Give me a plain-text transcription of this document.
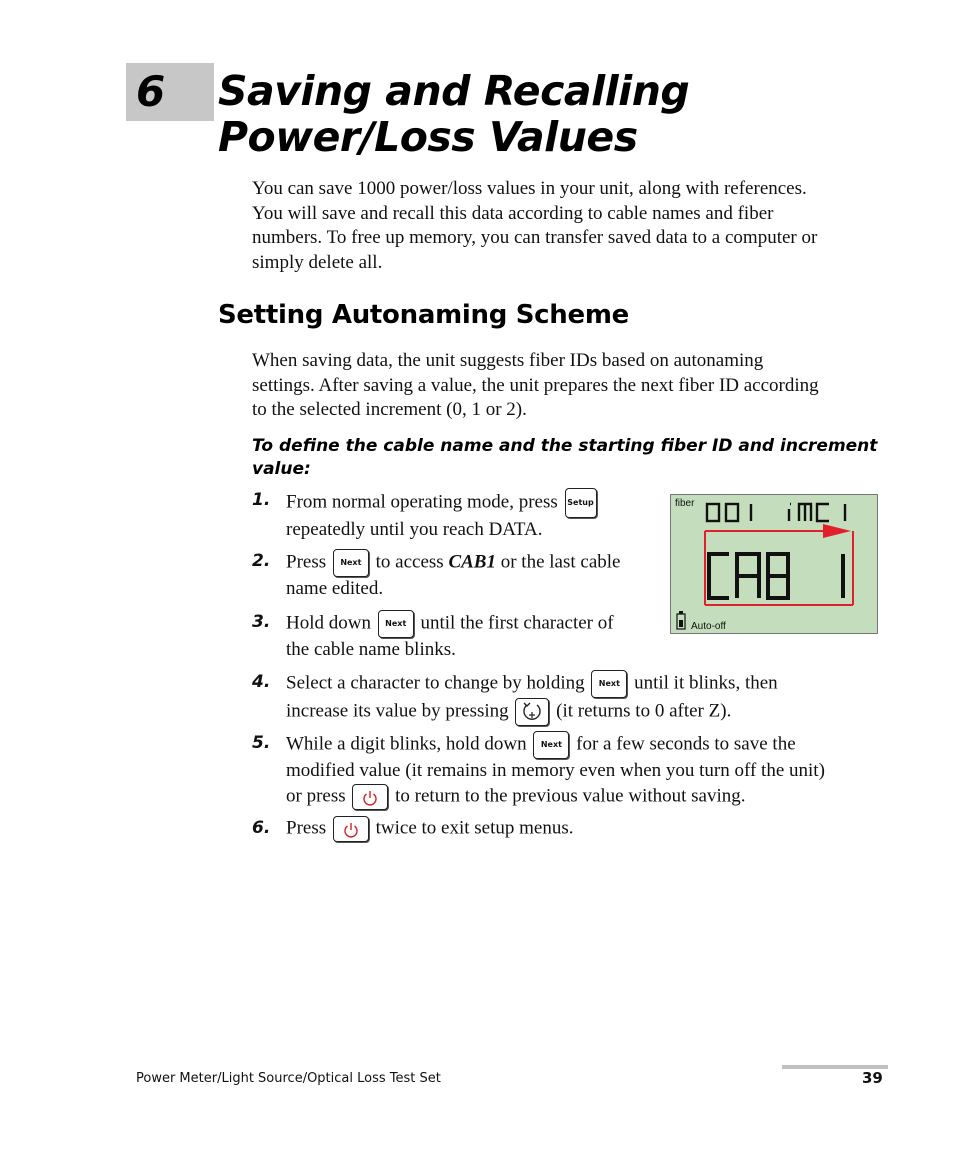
6 Saving and Recalling
Power/Loss Values

You can save 1000 power/loss values in your unit, along with references.
You will save and recall this data according to cable names and fiber
numbers. To free up memory, you can transfer saved data to a computer or
simply delete all.

Setting Autonaming Scheme

When saving data, the unit suggests fiber IDs based on autonaming
settings. After saving a value, the unit prepares the next fiber ID according
to the selected increment (0, 1 or 2).

To define the cable name and the starting fiber ID and increment value:

1. From normal operating mode, press Setup
repeatedly until you reach DATA.
2. Press	Next to access CAB1 or the last cable
name edited.
3. Hold down	Next until the first character of
the cable name blinks.
4. Select a character to change by holding	Next until it blinks, then
increase its value by pressing	(it returns to 0 after Z).
5. While a digit blinks, hold down	Next for a few seconds to save the
modified value (it remains in memory even when you turn off the unit)
or press	to return to the previous value without saving.
6. Press	twice to exit setup menus.
fiber
Auto-off
Power Meter/Light Source/Optical Loss Test Set	39
